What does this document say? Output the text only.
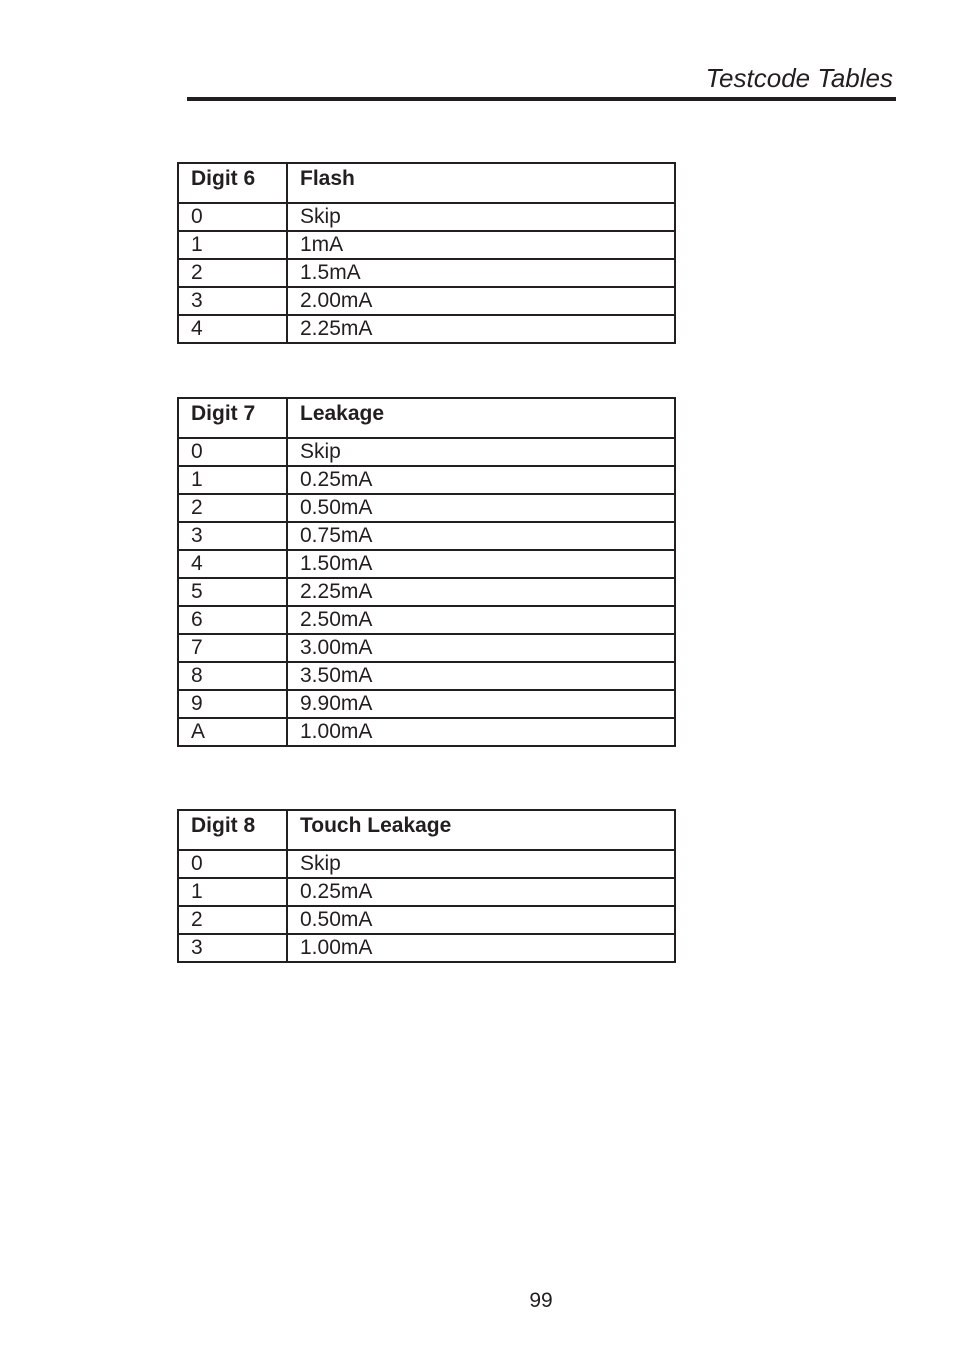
Testcode Tables
Digit 6	Flash
0	Skip
1	1mA
2	1.5mA
3	2.00mA
4	2.25mA
Digit 7	Leakage
0	Skip
1	0.25mA
2	0.50mA
3	0.75mA
4	1.50mA
5	2.25mA
6	2.50mA
7	3.00mA
8	3.50mA
9	9.90mA
A	1.00mA
Digit 8	Touch Leakage
0	Skip
1	0.25mA
2	0.50mA
3	1.00mA
99
